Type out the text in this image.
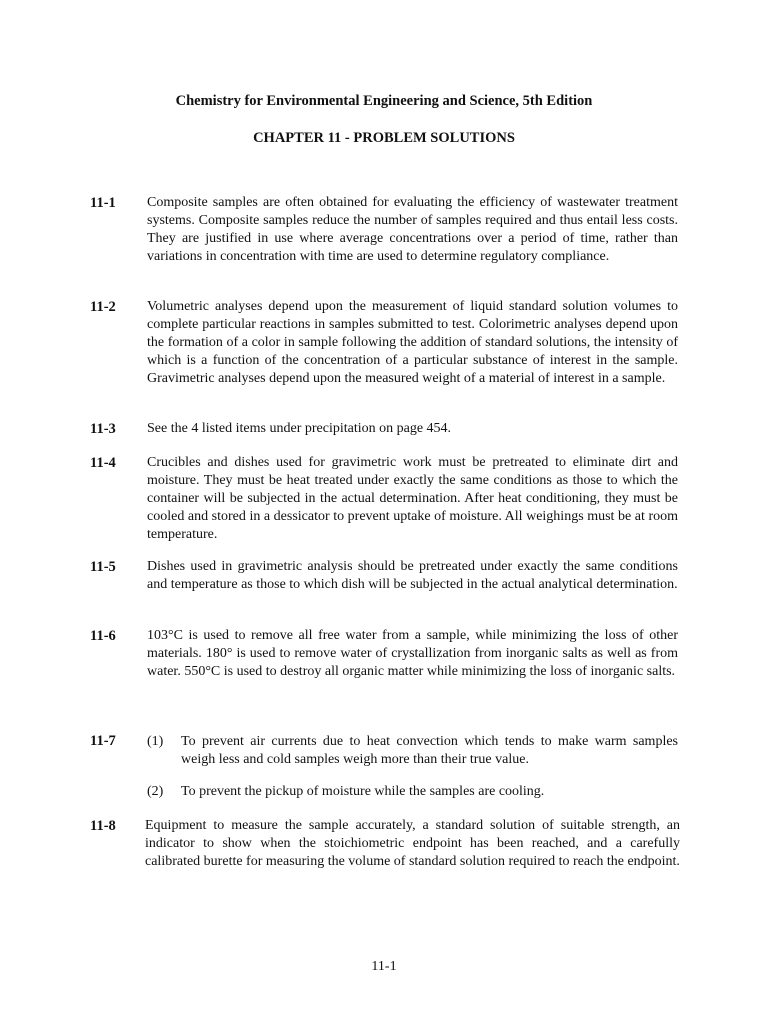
Chemistry for Environmental Engineering and Science, 5th Edition
CHAPTER 11 - PROBLEM SOLUTIONS
11-1 Composite samples are often obtained for evaluating the efficiency of wastewater treatment systems. Composite samples reduce the number of samples required and thus entail less costs. They are justified in use where average concentrations over a period of time, rather than variations in concentration with time are used to determine regulatory compliance.
11-2 Volumetric analyses depend upon the measurement of liquid standard solution volumes to complete particular reactions in samples submitted to test. Colorimetric analyses depend upon the formation of a color in sample following the addition of standard solutions, the intensity of which is a function of the concentration of a particular substance of interest in the sample. Gravimetric analyses depend upon the measured weight of a material of interest in a sample.
11-3 See the 4 listed items under precipitation on page 454.
11-4 Crucibles and dishes used for gravimetric work must be pretreated to eliminate dirt and moisture. They must be heat treated under exactly the same conditions as those to which the container will be subjected in the actual determination. After heat conditioning, they must be cooled and stored in a dessicator to prevent uptake of moisture. All weighings must be at room temperature.
11-5 Dishes used in gravimetric analysis should be pretreated under exactly the same conditions and temperature as those to which dish will be subjected in the actual analytical determination.
11-6 103°C is used to remove all free water from a sample, while minimizing the loss of other materials. 180° is used to remove water of crystallization from inorganic salts as well as from water. 550°C is used to destroy all organic matter while minimizing the loss of inorganic salts.
11-7 (1) To prevent air currents due to heat convection which tends to make warm samples weigh less and cold samples weigh more than their true value.
(2) To prevent the pickup of moisture while the samples are cooling.
11-8 Equipment to measure the sample accurately, a standard solution of suitable strength, an indicator to show when the stoichiometric endpoint has been reached, and a carefully calibrated burette for measuring the volume of standard solution required to reach the endpoint.
11-1
